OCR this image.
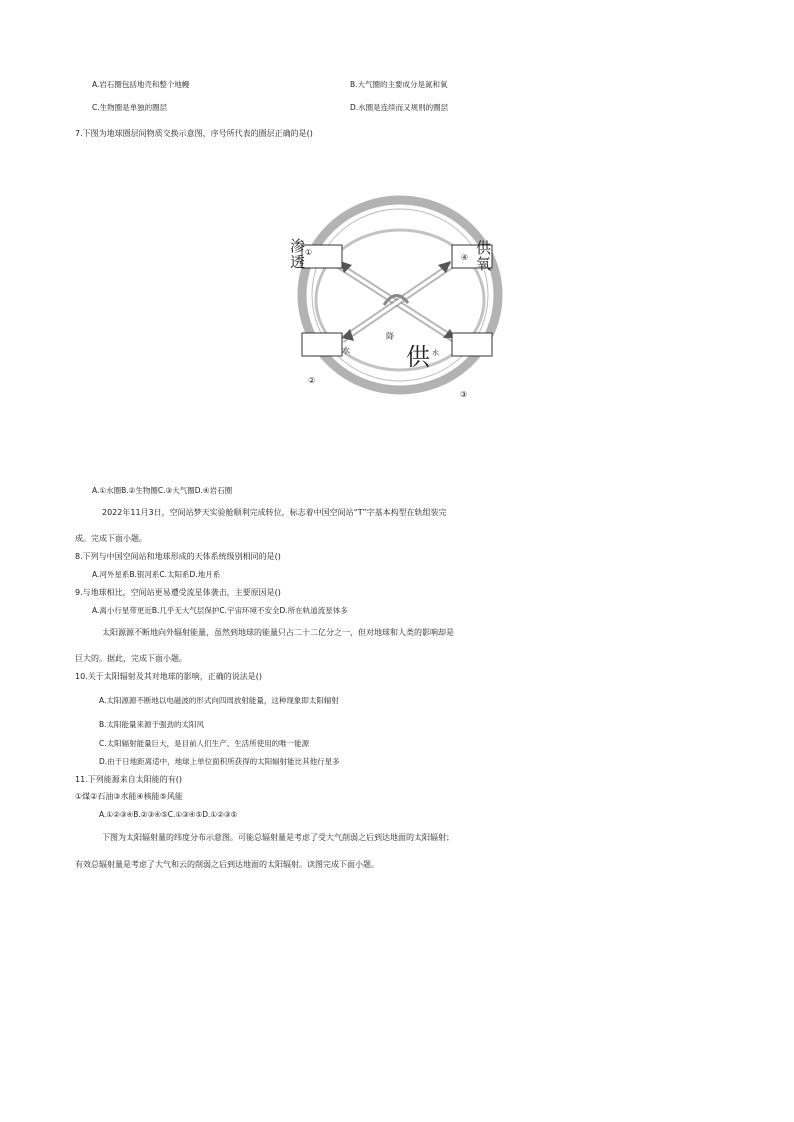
A.岩石圈包括地壳和整个地幔	B.大气圈的主要成分是氮和氧
C.生物圈是单独的圈层	D.水圈是连续而又规则的圈层
7.下图为地球圈层间物质交换示意图，序号所代表的圈层正确的是()
①
④
②
③
渗
透
供
氧
降
水	水
供
A.①水圈B.②生物圈C.③大气圈D.④岩石圈
2022年11月3日，空间站梦天实验舱顺利完成转位，标志着中国空间站“T”字基本构型在轨组装完
成。完成下面小题。
8.下列与中国空间站和地球形成的天体系统级别相同的是()
A.河外星系B.银河系C.太阳系D.地月系
9.与地球相比，空间站更易遭受流星体袭击，主要原因是()
A.离小行星带更近B.几乎无大气层保护C.宇宙环境不安全D.所在轨道流星体多
太阳源源不断地向外辐射能量，虽然到地球的能量只占二十二亿分之一，但对地球和人类的影响却是
巨大的。据此，完成下面小题。
10.关于太阳辐射及其对地球的影响，正确的说法是()
A.太阳源源不断地以电磁波的形式向四周放射能量，这种现象即太阳辐射
B.太阳能量来源于强劲的太阳风
C.太阳辐射能量巨大，是目前人们生产、生活所使用的唯一能源
D.由于日地距离适中，地球上单位面积所获得的太阳辐射能比其他行星多
11.下列能源来自太阳能的有()
①煤②石油③水能④核能⑤风能
A.①②③④B.②③④⑤C.①③④⑤D.①②③⑤
下图为太阳辐射量的纬度分布示意图。可能总辐射量是考虑了受大气削弱之后到达地面的太阳辐射；
有效总辐射量是考虑了大气和云的削弱之后到达地面的太阳辐射。读图完成下面小题。
